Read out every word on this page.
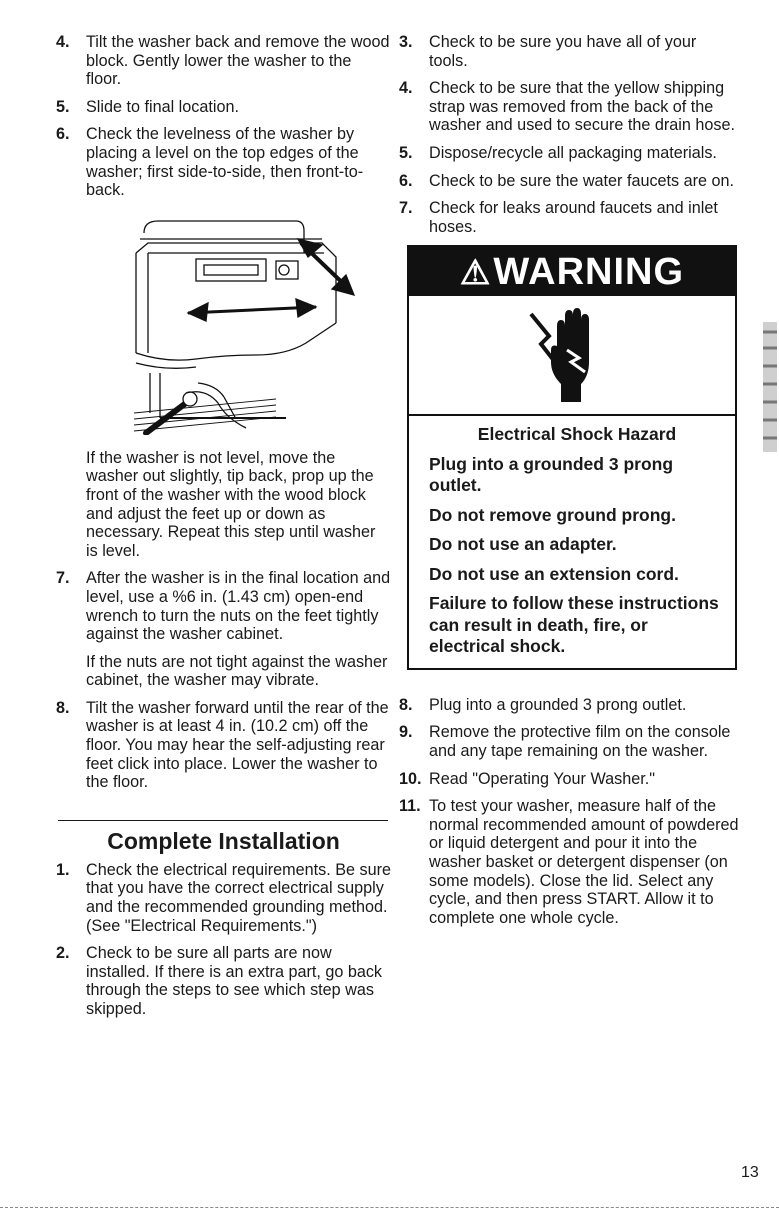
4. Tilt the washer back and remove the wood block. Gently lower the washer to the floor.
5. Slide to final location.
6. Check the levelness of the washer by placing a level on the top edges of the washer; first side-to-side, then front-to-back.
If the washer is not level, move the washer out slightly, tip back, prop up the front of the washer with the wood block and adjust the feet up or down as necessary. Repeat this step until washer is level.
7. After the washer is in the final location and level, use a %6 in. (1.43 cm) open-end wrench to turn the nuts on the feet tightly against the washer cabinet.
If the nuts are not tight against the washer cabinet, the washer may vibrate.
8. Tilt the washer forward until the rear of the washer is at least 4 in. (10.2 cm) off the floor. You may hear the self-adjusting rear feet click into place. Lower the washer to the floor.
Complete Installation
1. Check the electrical requirements. Be sure that you have the correct electrical supply and the recommended grounding method. (See "Electrical Requirements.")
2. Check to be sure all parts are now installed. If there is an extra part, go back through the steps to see which step was skipped.
3. Check to be sure you have all of your tools.
4. Check to be sure that the yellow shipping strap was removed from the back of the washer and used to secure the drain hose.
5. Dispose/recycle all packaging materials.
6. Check to be sure the water faucets are on.
7. Check for leaks around faucets and inlet hoses.
⚠WARNING
Electrical Shock Hazard
Plug into a grounded 3 prong outlet.
Do not remove ground prong.
Do not use an adapter.
Do not use an extension cord.
Failure to follow these instructions can result in death, fire, or electrical shock.
8. Plug into a grounded 3 prong outlet.
9. Remove the protective film on the console and any tape remaining on the washer.
10. Read "Operating Your Washer."
11. To test your washer, measure half of the normal recommended amount of powdered or liquid detergent and pour it into the washer basket or detergent dispenser (on some models). Close the lid. Select any cycle, and then press START. Allow it to complete one whole cycle.
13
